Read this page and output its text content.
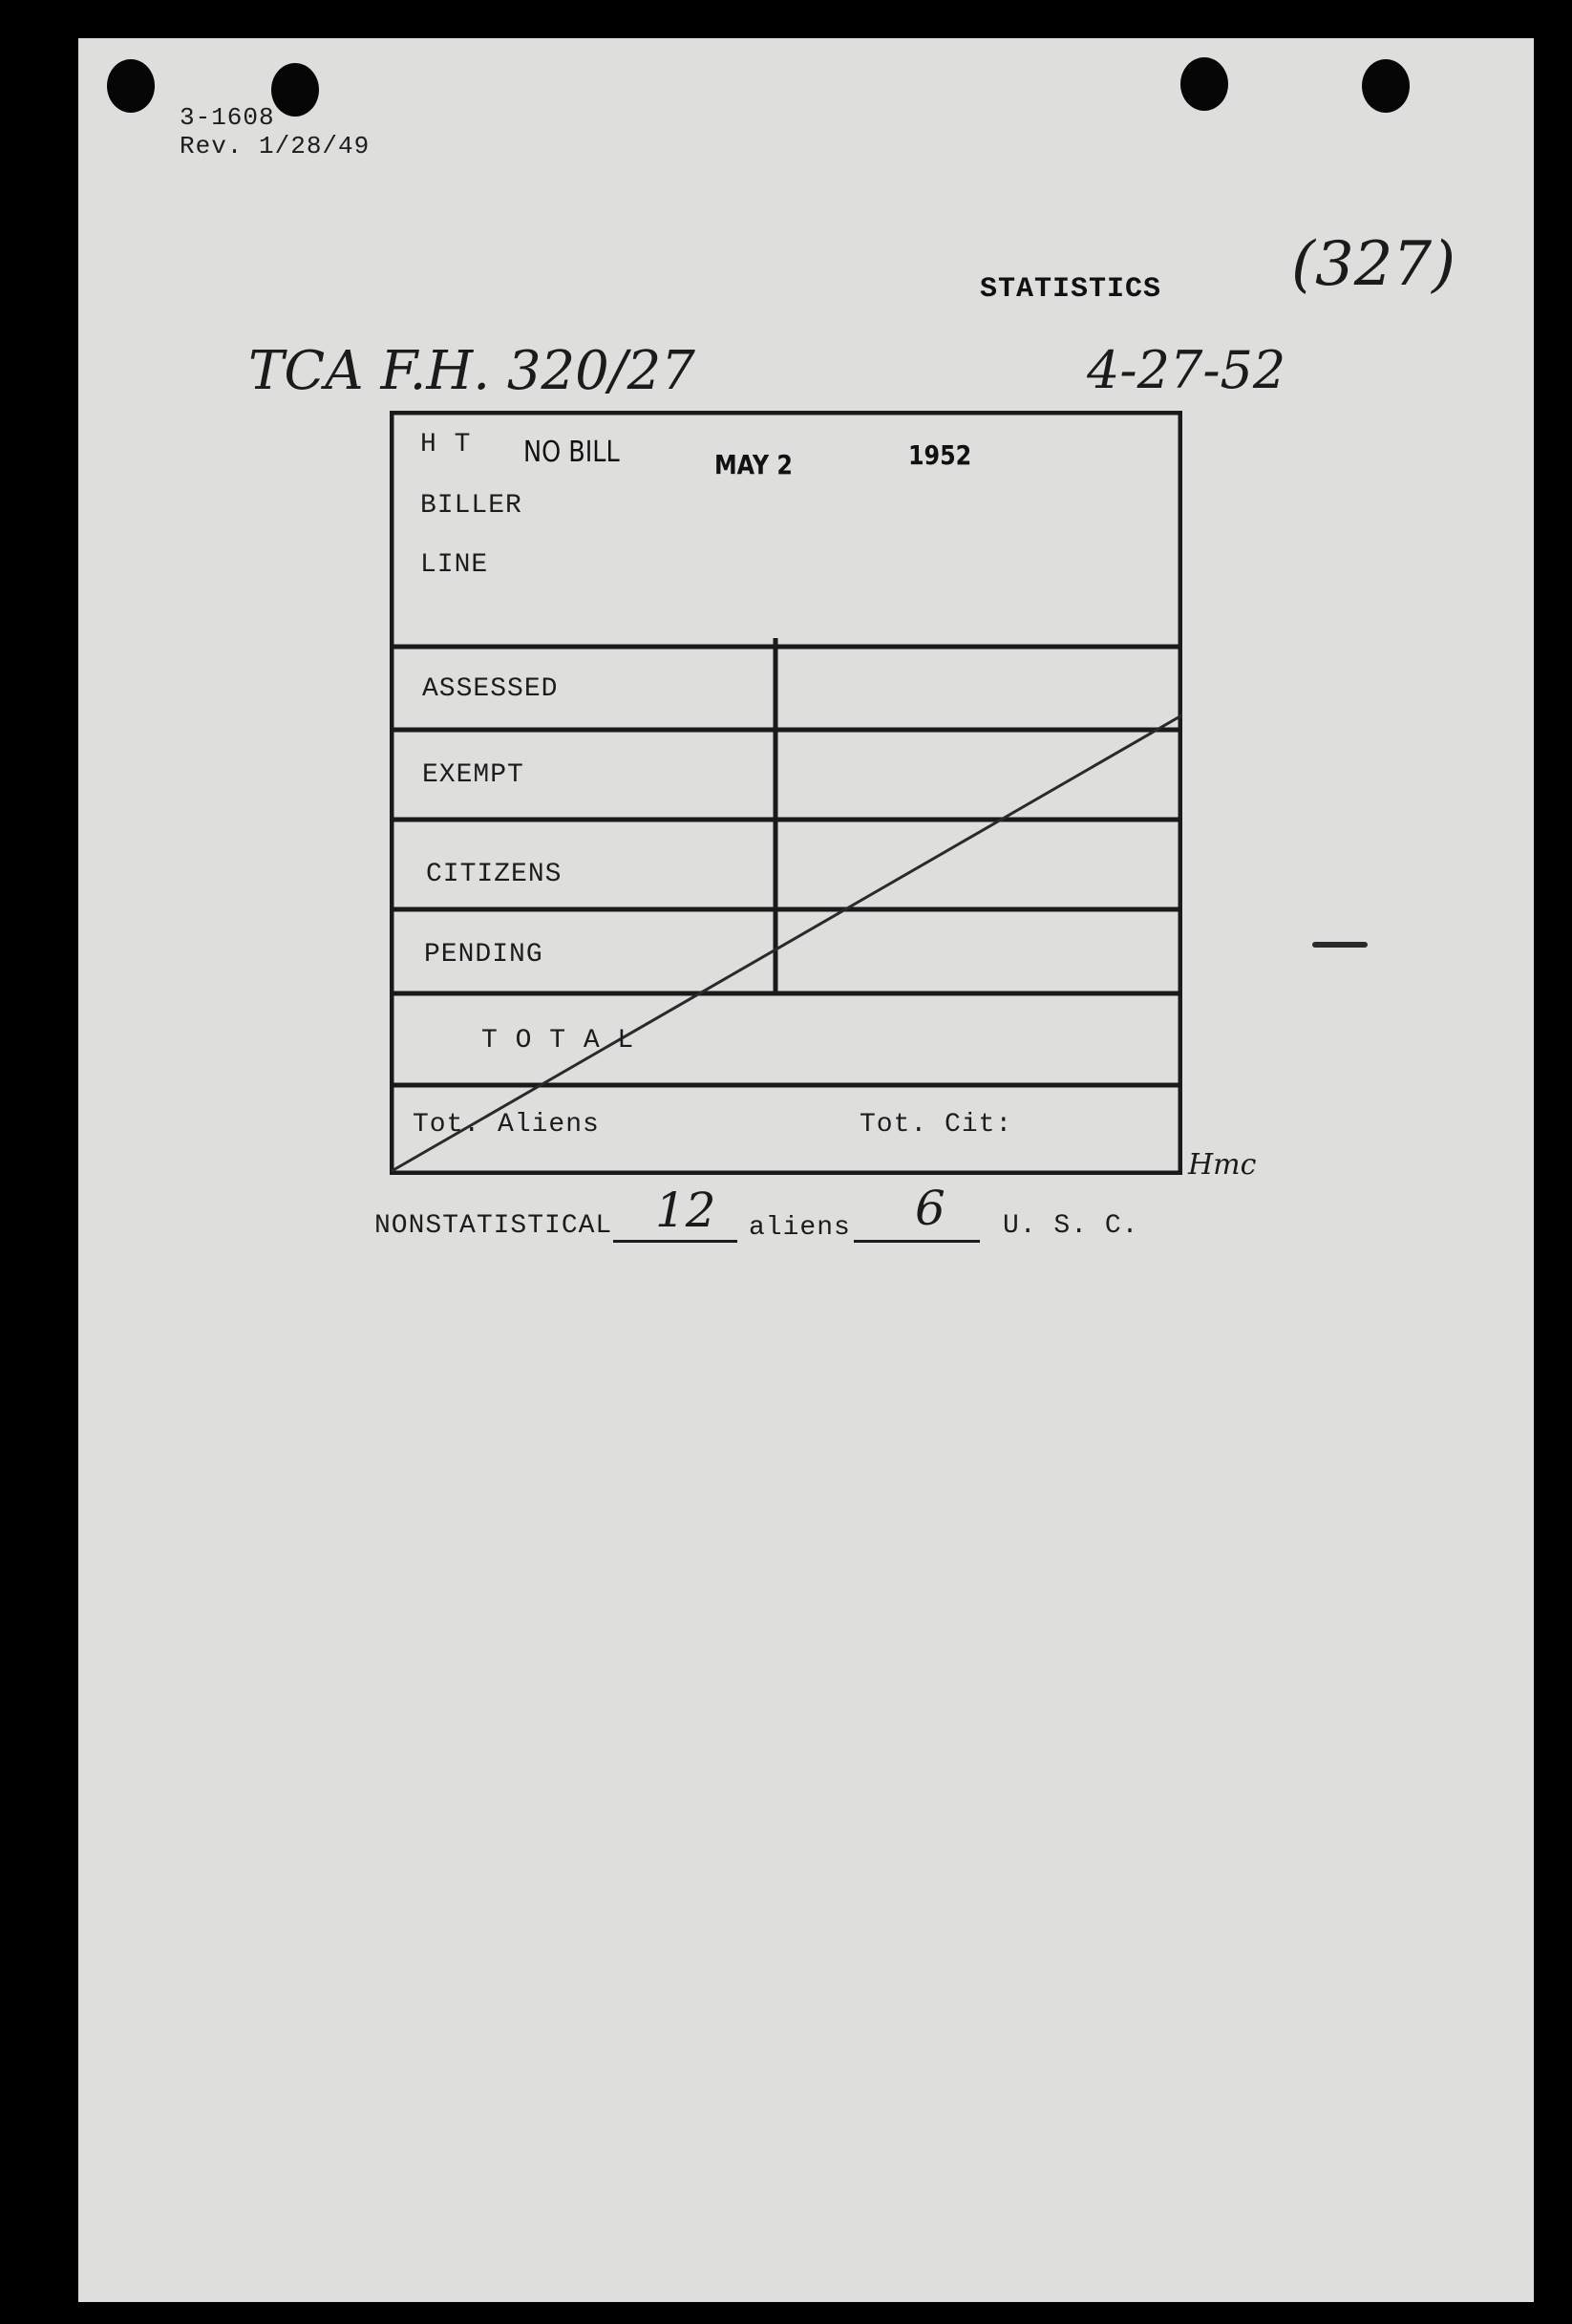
3-1608
Rev. 1/28/49
STATISTICS (327)
TCA F.H. 320/27	4-27-52
H T NO BILL	MAY 2	1952
BILLER
LINE
ASSESSED
EXEMPT
CITIZENS
PENDING
T O T A L
Tot. Aliens	Tot. Cit:
Hmc
NONSTATISTICAL 12 aliens 6 U. S. C.
